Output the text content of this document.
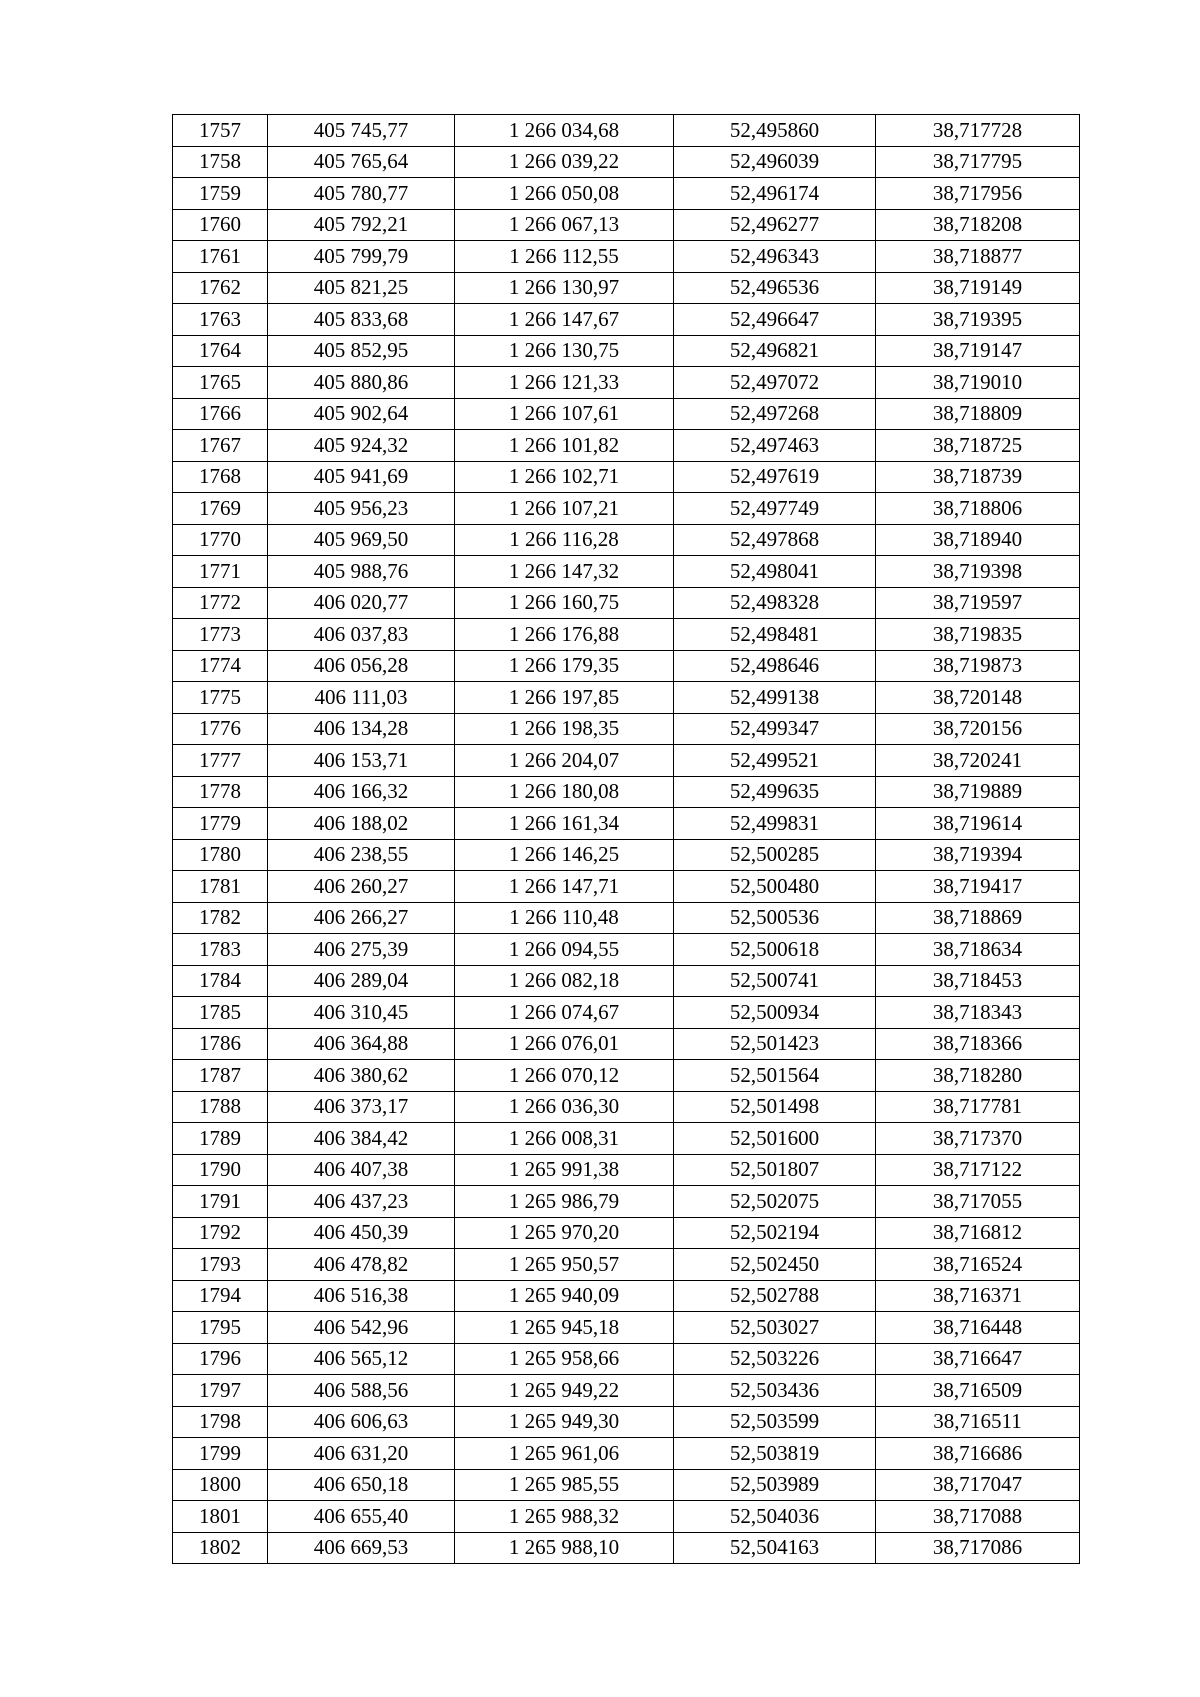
1757	405 745,77	1 266 034,68	52,495860	38,717728
1758	405 765,64	1 266 039,22	52,496039	38,717795
1759	405 780,77	1 266 050,08	52,496174	38,717956
1760	405 792,21	1 266 067,13	52,496277	38,718208
1761	405 799,79	1 266 112,55	52,496343	38,718877
1762	405 821,25	1 266 130,97	52,496536	38,719149
1763	405 833,68	1 266 147,67	52,496647	38,719395
1764	405 852,95	1 266 130,75	52,496821	38,719147
1765	405 880,86	1 266 121,33	52,497072	38,719010
1766	405 902,64	1 266 107,61	52,497268	38,718809
1767	405 924,32	1 266 101,82	52,497463	38,718725
1768	405 941,69	1 266 102,71	52,497619	38,718739
1769	405 956,23	1 266 107,21	52,497749	38,718806
1770	405 969,50	1 266 116,28	52,497868	38,718940
1771	405 988,76	1 266 147,32	52,498041	38,719398
1772	406 020,77	1 266 160,75	52,498328	38,719597
1773	406 037,83	1 266 176,88	52,498481	38,719835
1774	406 056,28	1 266 179,35	52,498646	38,719873
1775	406 111,03	1 266 197,85	52,499138	38,720148
1776	406 134,28	1 266 198,35	52,499347	38,720156
1777	406 153,71	1 266 204,07	52,499521	38,720241
1778	406 166,32	1 266 180,08	52,499635	38,719889
1779	406 188,02	1 266 161,34	52,499831	38,719614
1780	406 238,55	1 266 146,25	52,500285	38,719394
1781	406 260,27	1 266 147,71	52,500480	38,719417
1782	406 266,27	1 266 110,48	52,500536	38,718869
1783	406 275,39	1 266 094,55	52,500618	38,718634
1784	406 289,04	1 266 082,18	52,500741	38,718453
1785	406 310,45	1 266 074,67	52,500934	38,718343
1786	406 364,88	1 266 076,01	52,501423	38,718366
1787	406 380,62	1 266 070,12	52,501564	38,718280
1788	406 373,17	1 266 036,30	52,501498	38,717781
1789	406 384,42	1 266 008,31	52,501600	38,717370
1790	406 407,38	1 265 991,38	52,501807	38,717122
1791	406 437,23	1 265 986,79	52,502075	38,717055
1792	406 450,39	1 265 970,20	52,502194	38,716812
1793	406 478,82	1 265 950,57	52,502450	38,716524
1794	406 516,38	1 265 940,09	52,502788	38,716371
1795	406 542,96	1 265 945,18	52,503027	38,716448
1796	406 565,12	1 265 958,66	52,503226	38,716647
1797	406 588,56	1 265 949,22	52,503436	38,716509
1798	406 606,63	1 265 949,30	52,503599	38,716511
1799	406 631,20	1 265 961,06	52,503819	38,716686
1800	406 650,18	1 265 985,55	52,503989	38,717047
1801	406 655,40	1 265 988,32	52,504036	38,717088
1802	406 669,53	1 265 988,10	52,504163	38,717086
